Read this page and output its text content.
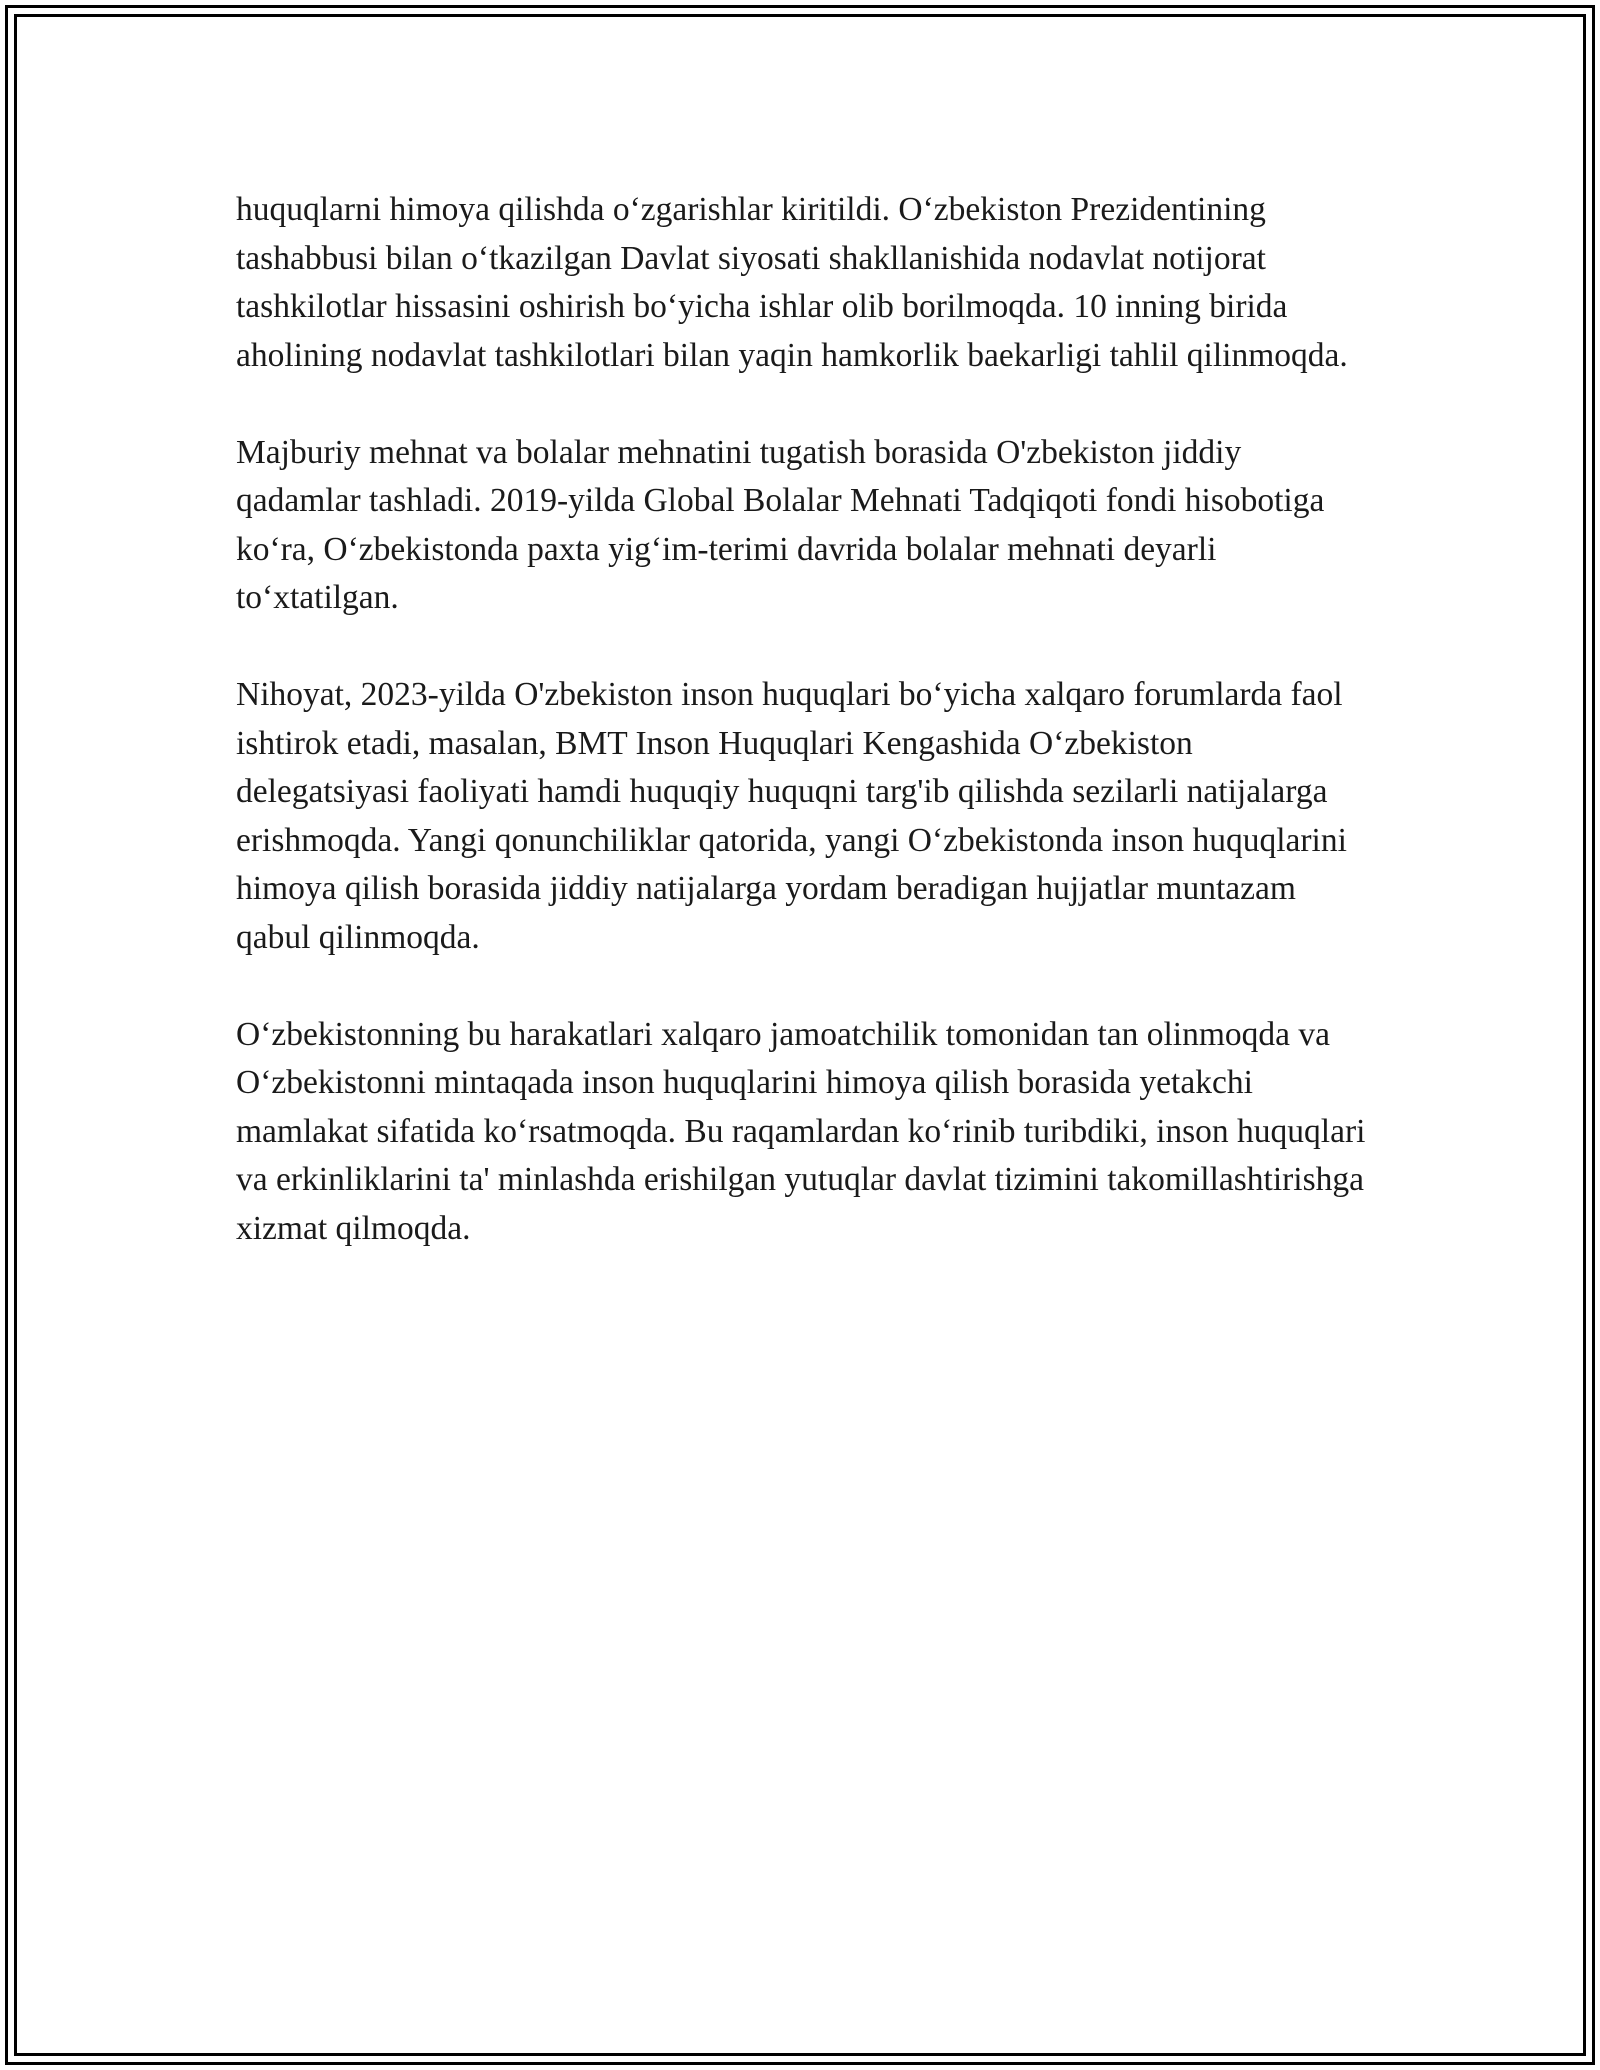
huquqlarni himoya qilishda o‘zgarishlar kiritildi. O‘zbekiston Prezidentining tashabbusi bilan o‘tkazilgan Davlat siyosati shakllanishida nodavlat notijorat tashkilotlar hissasini oshirish bo‘yicha ishlar olib borilmoqda. 10 inning birida aholining nodavlat tashkilotlari bilan yaqin hamkorlik baekarligi tahlil qilinmoqda.

Majburiy mehnat va bolalar mehnatini tugatish borasida O'zbekiston jiddiy qadamlar tashladi. 2019-yilda Global Bolalar Mehnati Tadqiqoti fondi hisobotiga ko‘ra, O‘zbekistonda paxta yig‘im-terimi davrida bolalar mehnati deyarli to‘xtatilgan.

Nihoyat, 2023-yilda O'zbekiston inson huquqlari bo‘yicha xalqaro forumlarda faol ishtirok etadi, masalan, BMT Inson Huquqlari Kengashida O‘zbekiston delegatsiyasi faoliyati hamdi huquqiy huquqni targ'ib qilishda sezilarli natijalarga erishmoqda. Yangi qonunchiliklar qatorida, yangi O‘zbekistonda inson huquqlarini himoya qilish borasida jiddiy natijalarga yordam beradigan hujjatlar muntazam qabul qilinmoqda.

O‘zbekistonning bu harakatlari xalqaro jamoatchilik tomonidan tan olinmoqda va O‘zbekistonni mintaqada inson huquqlarini himoya qilish borasida yetakchi mamlakat sifatida ko‘rsatmoqda. Bu raqamlardan ko‘rinib turibdiki, inson huquqlari va erkinliklarini ta' minlashda erishilgan yutuqlar davlat tizimini takomillashtirishga xizmat qilmoqda.
